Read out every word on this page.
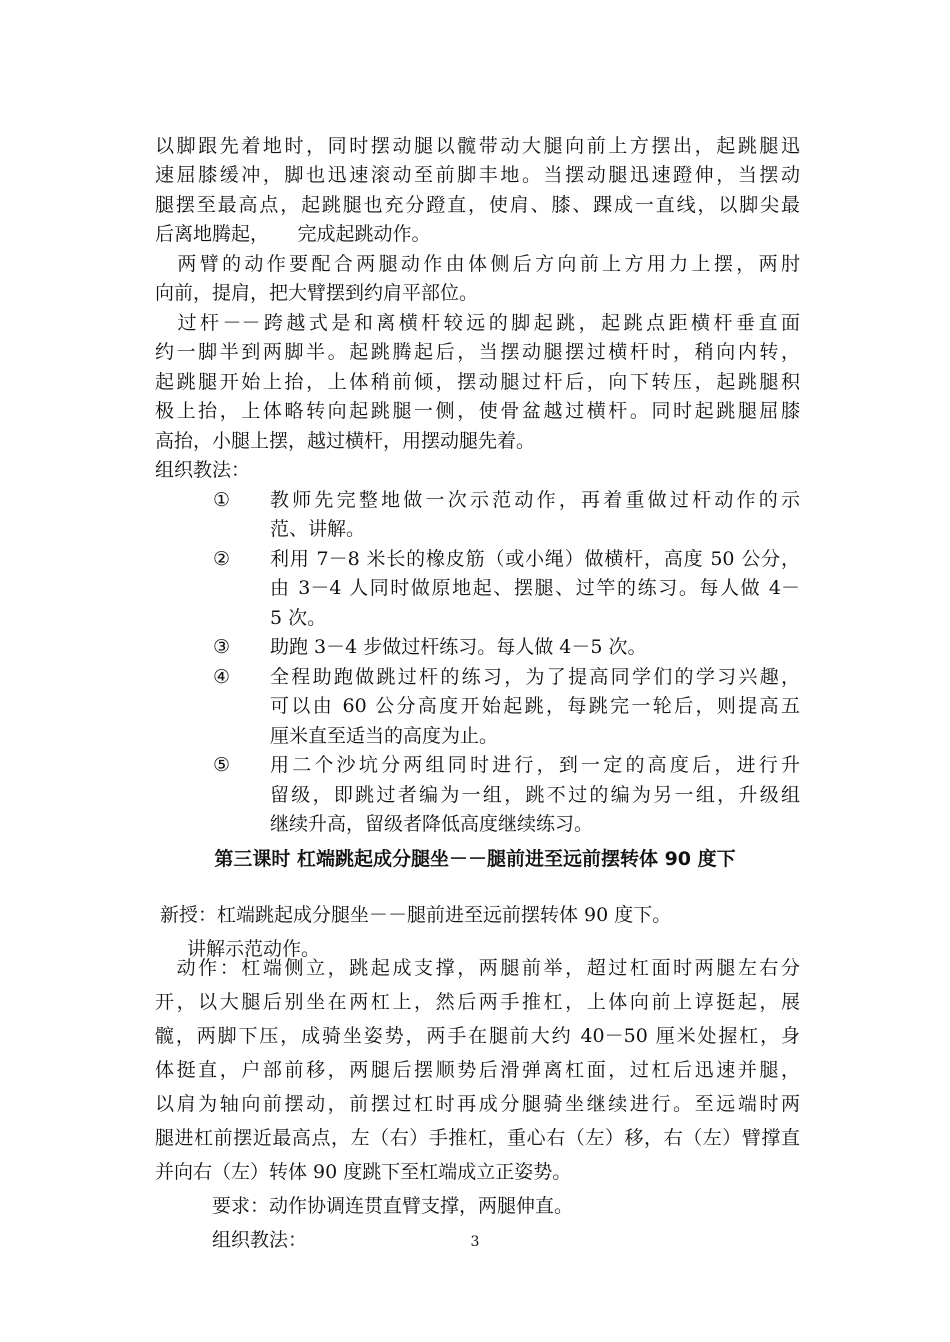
以脚跟先着地时，同时摆动腿以髋带动大腿向前上方摆出，起跳腿迅
速屈膝缓冲，脚也迅速滚动至前脚丰地。当摆动腿迅速蹬伸，当摆动
腿摆至最高点，起跳腿也充分蹬直，使肩、膝、踝成一直线，以脚尖最
后离地腾起，　　完成起跳动作。
　两臂的动作要配合两腿动作由体侧后方向前上方用力上摆，两肘
向前，提肩，把大臂摆到约肩平部位。
　过杆－－跨越式是和离横杆较远的脚起跳，起跳点距横杆垂直面
约一脚半到两脚半。起跳腾起后，当摆动腿摆过横杆时，稍向内转，
起跳腿开始上抬，上体稍前倾，摆动腿过杆后，向下转压，起跳腿积
极上抬，上体略转向起跳腿一侧，使骨盆越过横杆。同时起跳腿屈膝
高抬，小腿上摆，越过横杆，用摆动腿先着。
组织教法：
①	教师先完整地做一次示范动作，再着重做过杆动作的示
范、讲解。
②	利用 7－8 米长的橡皮筋（或小绳）做横杆，高度 50 公分，
由 3－4 人同时做原地起、摆腿、过竿的练习。每人做 4－
5 次。
③	助跑 3－4 步做过杆练习。每人做 4－5 次。
④	全程助跑做跳过杆的练习，为了提高同学们的学习兴趣，
可以由 60 公分高度开始起跳，每跳完一轮后，则提高五
厘米直至适当的高度为止。
⑤	用二个沙坑分两组同时进行，到一定的高度后，进行升
留级，即跳过者编为一组，跳不过的编为另一组，升级组
继续升高，留级者降低高度继续练习。
第三课时 杠端跳起成分腿坐－－腿前进至远前摆转体 90 度下
新授：杠端跳起成分腿坐－－腿前进至远前摆转体 90 度下。
讲解示范动作。
　动作：杠端侧立，跳起成支撑，两腿前举，超过杠面时两腿左右分
开，以大腿后别坐在两杠上，然后两手推杠，上体向前上谆挺起，展
髋，两脚下压，成骑坐姿势，两手在腿前大约 40－50 厘米处握杠，身
体挺直，户部前移，两腿后摆顺势后滑弹离杠面，过杠后迅速并腿，
以肩为轴向前摆动，前摆过杠时再成分腿骑坐继续进行。至远端时两
腿进杠前摆近最高点，左（右）手推杠，重心右（左）移，右（左）臂撑直
并向右（左）转体 90 度跳下至杠端成立正姿势。
要求：动作协调连贯直臂支撑，两腿伸直。
组织教法：	3
